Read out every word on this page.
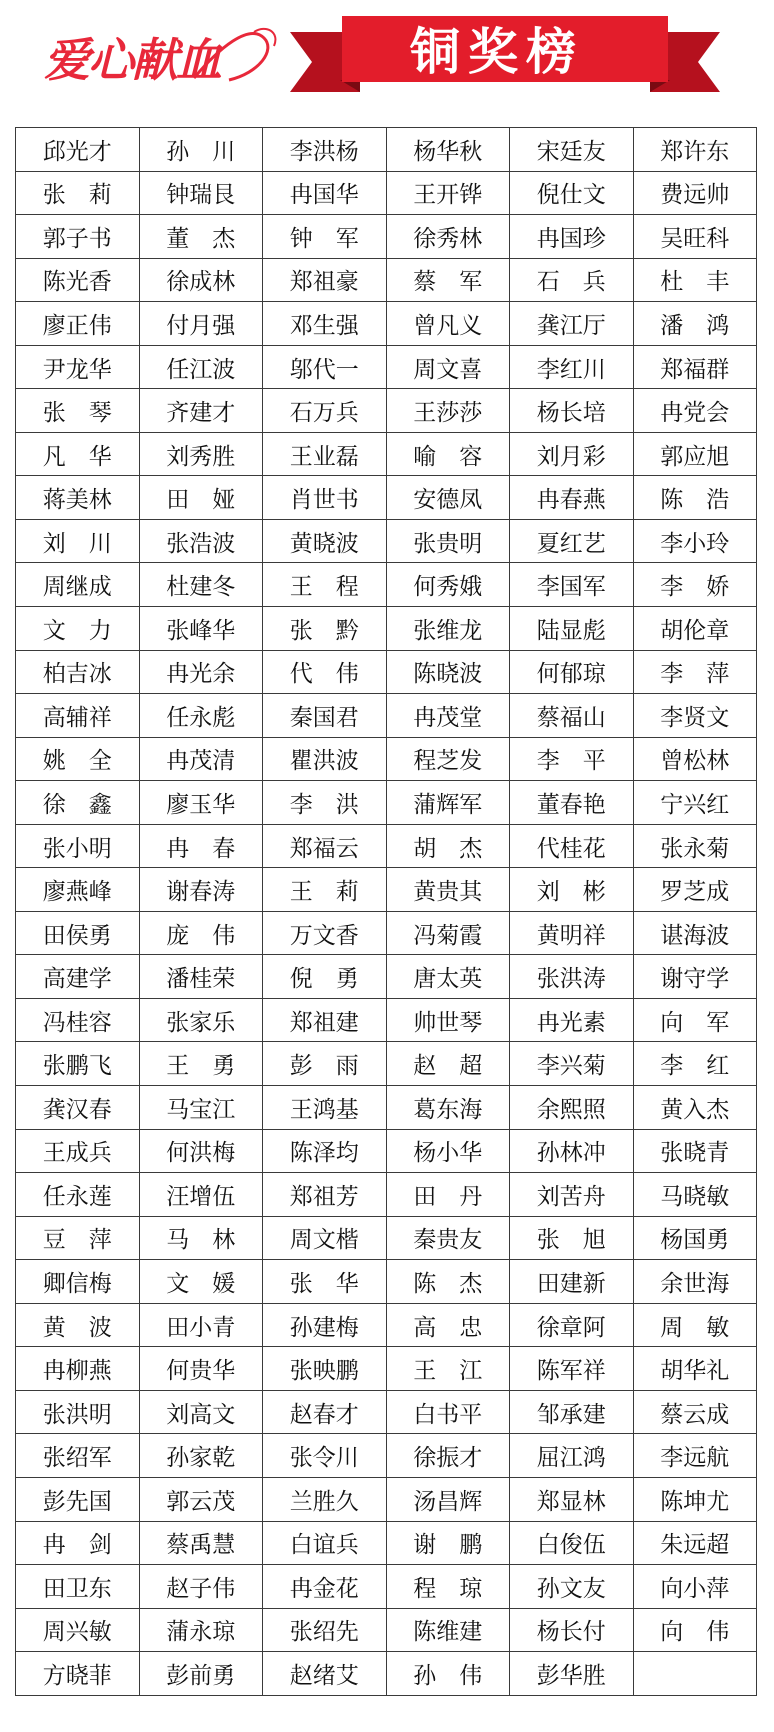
爱心献血	铜奖榜
邱光才	孙　川	李洪杨	杨华秋	宋廷友	郑许东
张　莉	钟瑞艮	冉国华	王开铧	倪仕文	费远帅
郭子书	董　杰	钟　军	徐秀林	冉国珍	吴旺科
陈光香	徐成林	郑祖豪	蔡　军	石　兵	杜　丰
廖正伟	付月强	邓生强	曾凡义	龚江厅	潘　鸿
尹龙华	任江波	邬代一	周文喜	李红川	郑福群
张　琴	齐建才	石万兵	王莎莎	杨长培	冉党会
凡　华	刘秀胜	王业磊	喻　容	刘月彩	郭应旭
蒋美林	田　娅	肖世书	安德凤	冉春燕	陈　浩
刘　川	张浩波	黄晓波	张贵明	夏红艺	李小玲
周继成	杜建冬	王　程	何秀娥	李国军	李　娇
文　力	张峰华	张　黔	张维龙	陆显彪	胡伦章
柏吉冰	冉光余	代　伟	陈晓波	何郁琼	李　萍
高辅祥	任永彪	秦国君	冉茂堂	蔡福山	李贤文
姚　全	冉茂清	瞿洪波	程芝发	李　平	曾松林
徐　鑫	廖玉华	李　洪	蒲辉军	董春艳	宁兴红
张小明	冉　春	郑福云	胡　杰	代桂花	张永菊
廖燕峰	谢春涛	王　莉	黄贵其	刘　彬	罗芝成
田侯勇	庞　伟	万文香	冯菊霞	黄明祥	谌海波
高建学	潘桂荣	倪　勇	唐太英	张洪涛	谢守学
冯桂容	张家乐	郑祖建	帅世琴	冉光素	向　军
张鹏飞	王　勇	彭　雨	赵　超	李兴菊	李　红
龚汉春	马宝江	王鸿基	葛东海	余熙照	黄入杰
王成兵	何洪梅	陈泽均	杨小华	孙林冲	张晓青
任永莲	汪增伍	郑祖芳	田　丹	刘苦舟	马晓敏
豆　萍	马　林	周文楷	秦贵友	张　旭	杨国勇
卿信梅	文　媛	张　华	陈　杰	田建新	余世海
黄　波	田小青	孙建梅	高　忠	徐章阿	周　敏
冉柳燕	何贵华	张映鹏	王　江	陈军祥	胡华礼
张洪明	刘高文	赵春才	白书平	邹承建	蔡云成
张绍军	孙家乾	张令川	徐振才	屈江鸿	李远航
彭先国	郭云茂	兰胜久	汤昌辉	郑显林	陈坤尤
冉　剑	蔡禹慧	白谊兵	谢　鹏	白俊伍	朱远超
田卫东	赵子伟	冉金花	程　琼	孙文友	向小萍
周兴敏	蒲永琼	张绍先	陈维建	杨长付	向　伟
方晓菲	彭前勇	赵绪艾	孙　伟	彭华胜	
